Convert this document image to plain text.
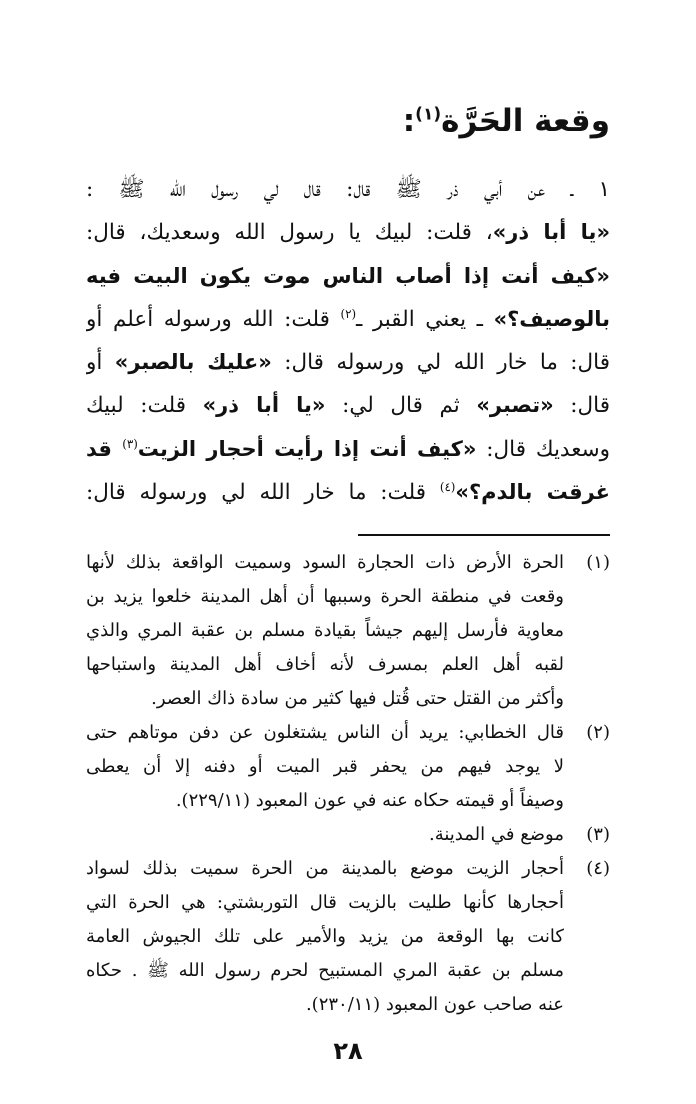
وقعة الحَرَّة$^{(١)}$:
١ ـ عن أبي ذر ﷺ قال: قال لي رسول الله ﷺ :
«يا أبا ذر»، قلت: لبيك يا رسول الله وسعديك، قال:
«كيف أنت إذا أصاب الناس موت يكون البيت فيه
بالوصيف؟» ـ يعني القبر ـ$^{(٢)}$ قلت: الله ورسوله أعلم أو
قال: ما خار الله لي ورسوله قال: «عليك بالصبر» أو
قال: «تصبر» ثم قال لي: «يا أبا ذر» قلت: لبيك
وسعديك قال: «كيف أنت إذا رأيت أحجار الزيت$^{(٣)}$ قد
غرقت بالدم؟»$^{(٤)}$ قلت: ما خار الله لي ورسوله قال:
(١)
الحرة الأرض ذات الحجارة السود وسميت الواقعة بذلك لأنها
وقعت في منطقة الحرة وسببها أن أهل المدينة خلعوا يزيد بن
معاوية فأرسل إليهم جيشاً بقيادة مسلم بن عقبة المري والذي
لقبه أهل العلم بمسرف لأنه أخاف أهل المدينة واستباحها
وأكثر من القتل حتى قُتل فيها كثير من سادة ذاك العصر.
(٢)
قال الخطابي: يريد أن الناس يشتغلون عن دفن موتاهم حتى
لا يوجد فيهم من يحفر قبر الميت أو دفنه إلا أن يعطى
وصيفاً أو قيمته حكاه عنه في عون المعبود (٢٢٩/١١).
(٣)
موضع في المدينة.
(٤)
أحجار الزيت موضع بالمدينة من الحرة سميت بذلك لسواد
أحجارها كأنها طليت بالزيت قال التوربشتي: هي الحرة التي
كانت بها الوقعة من يزيد والأمير على تلك الجيوش العامة
مسلم بن عقبة المري المستبيح لحرم رسول الله ﷺ . حكاه
عنه صاحب عون المعبود (٢٣٠/١١).
٢٨
